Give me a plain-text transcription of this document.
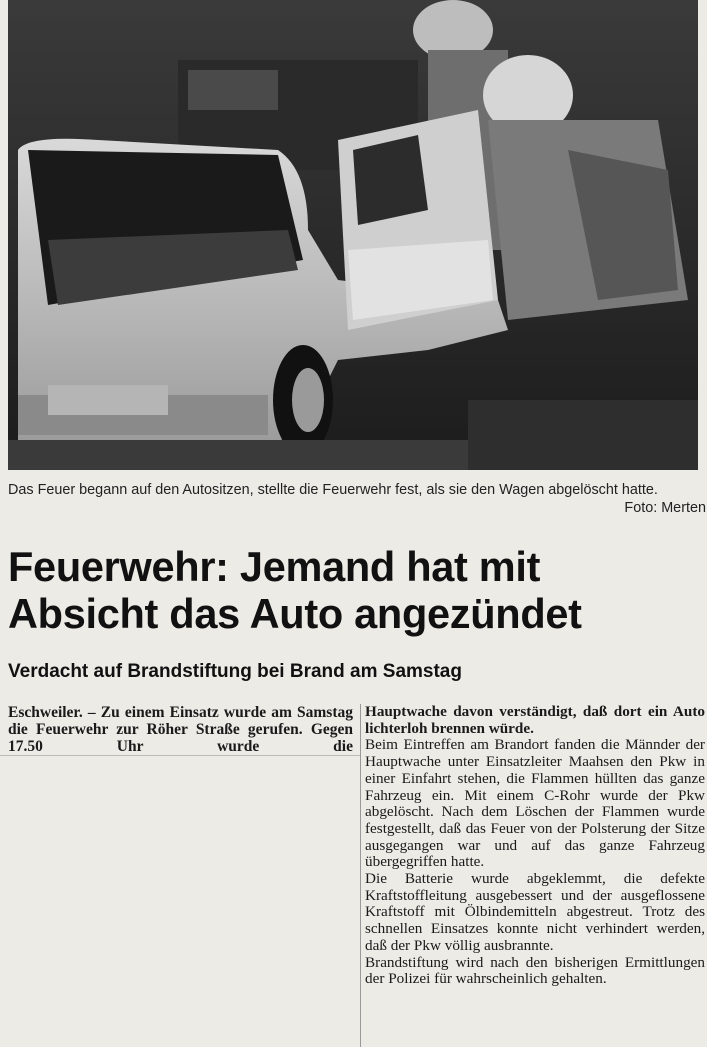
Das Feuer begann auf den Autositzen, stellte die Feuerwehr fest, als sie den Wagen abgelöscht hatte.
Foto: Merten
Feuerwehr: Jemand hat mit
Absicht das Auto angezündet
Verdacht auf Brandstiftung bei Brand am Samstag

Eschweiler. – Zu einem Einsatz wurde am Samstag die Feuerwehr zur Röher Straße gerufen. Gegen 17.50 Uhr wurde die

Hauptwache davon verständigt, daß dort ein Auto lichterloh brennen würde.

Beim Eintreffen am Brandort fanden die Männder der Hauptwache unter Einsatzleiter Maahsen den Pkw in einer Einfahrt stehen, die Flammen hüllten das ganze Fahrzeug ein. Mit einem C-Rohr wurde der Pkw abgelöscht. Nach dem Löschen der Flammen wurde festgestellt, daß das Feuer von der Polsterung der Sitze ausgegangen war und auf das ganze Fahrzeug übergegriffen hatte.

Die Batterie wurde abgeklemmt, die defekte Kraftstoffleitung ausgebessert und der ausgeflossene Kraftstoff mit Ölbindemitteln abgestreut. Trotz des schnellen Einsatzes konnte nicht verhindert werden, daß der Pkw völlig ausbrannte.

Brandstiftung wird nach den bisherigen Ermittlungen der Polizei für wahrscheinlich gehalten.
